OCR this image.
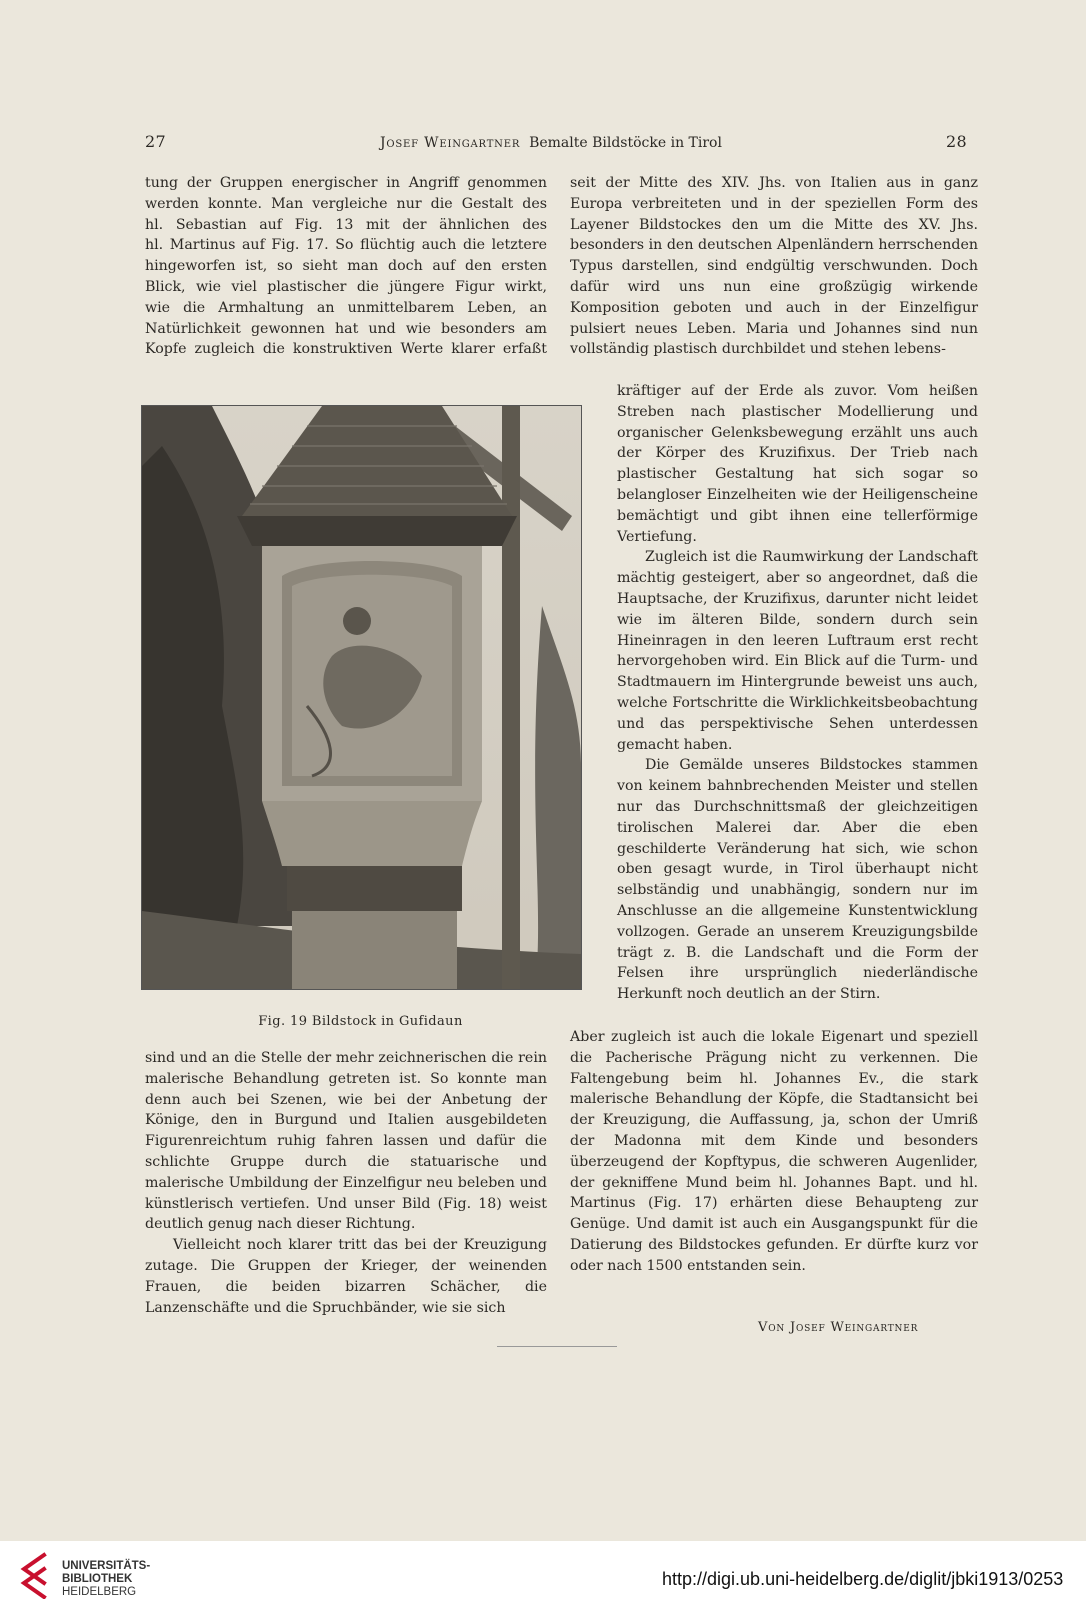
27	Josef Weingartner Bemalte Bildstöcke in Tirol	28
tung der Gruppen energischer in Angriff genommen
werden konnte. Man vergleiche nur die Gestalt des
hl. Sebastian auf Fig. 13 mit der ähnlichen des
hl. Martinus auf Fig. 17. So flüchtig auch die letztere
hingeworfen ist, so sieht man doch auf den ersten
Blick, wie viel plastischer die jüngere Figur wirkt,
wie die Armhaltung an unmittelbarem Leben, an
Natürlichkeit gewonnen hat und wie besonders am
Kopfe zugleich die konstruktiven Werte klarer erfaßt
Fig. 19 Bildstock in Gufidaun

sind und an die Stelle der mehr zeichnerischen die rein malerische Behandlung getreten ist. So konnte man denn auch bei Szenen, wie bei der Anbetung der Könige, den in Burgund und Italien ausgebildeten Figurenreichtum ruhig fahren lassen und dafür die schlichte Gruppe durch die statuarische und malerische Umbildung der Einzelfigur neu beleben und künstlerisch vertiefen. Und unser Bild (Fig. 18) weist deutlich genug nach dieser Richtung.

Vielleicht noch klarer tritt das bei der Kreuzigung zutage. Die Gruppen der Krieger, der weinenden Frauen, die beiden bizarren Schächer, die Lanzenschäfte und die Spruchbänder, wie sie sich

seit der Mitte des XIV. Jhs. von Italien aus in ganz Europa verbreiteten und in der speziellen Form des Layener Bildstockes den um die Mitte des XV. Jhs. besonders in den deutschen Alpenländern herrschenden Typus darstellen, sind endgültig verschwunden. Doch dafür wird uns nun eine großzügig wirkende Komposition geboten und auch in der Einzelfigur pulsiert neues Leben. Maria und Johannes sind nun vollständig plastisch durchbildet und stehen lebens-

kräftiger auf der Erde als zuvor. Vom heißen Streben nach plastischer Modellierung und organischer Gelenksbewegung erzählt uns auch der Körper des Kruzifixus. Der Trieb nach plastischer Gestaltung hat sich sogar so belangloser Einzelheiten wie der Heiligenscheine bemächtigt und gibt ihnen eine tellerförmige Vertiefung.

Zugleich ist die Raumwirkung der Landschaft mächtig gesteigert, aber so angeordnet, daß die Hauptsache, der Kruzifixus, darunter nicht leidet wie im älteren Bilde, sondern durch sein Hineinragen in den leeren Luftraum erst recht hervorgehoben wird. Ein Blick auf die Turm- und Stadtmauern im Hintergrunde beweist uns auch, welche Fortschritte die Wirklichkeitsbeobachtung und das perspektivische Sehen unterdessen gemacht haben.

Die Gemälde unseres Bildstockes stammen von keinem bahnbrechenden Meister und stellen nur das Durchschnittsmaß der gleichzeitigen tirolischen Malerei dar. Aber die eben geschilderte Veränderung hat sich, wie schon oben gesagt wurde, in Tirol überhaupt nicht selbständig und unabhängig, sondern nur im Anschlusse an die allgemeine Kunstentwicklung vollzogen. Gerade an unserem Kreuzigungsbilde trägt z. B. die Landschaft und die Form der Felsen ihre ursprünglich niederländische Herkunft noch deutlich an der Stirn.

Aber zugleich ist auch die lokale Eigenart und speziell die Pacherische Prägung nicht zu verkennen. Die Faltengebung beim hl. Johannes Ev., die stark malerische Behandlung der Köpfe, die Stadtansicht bei der Kreuzigung, die Auffassung, ja, schon der Umriß der Madonna mit dem Kinde und besonders überzeugend der Kopftypus, die schweren Augenlider, der gekniffene Mund beim hl. Johannes Bapt. und hl. Martinus (Fig. 17) erhärten diese Behaupteng zur Genüge. Und damit ist auch ein Ausgangspunkt für die Datierung des Bildstockes gefunden. Er dürfte kurz vor oder nach 1500 entstanden sein.

Von Josef Weingartner
UNIVERSITÄTS-
BIBLIOTHEK
HEIDELBERG
http://digi.ub.uni-heidelberg.de/diglit/jbki1913/0253
